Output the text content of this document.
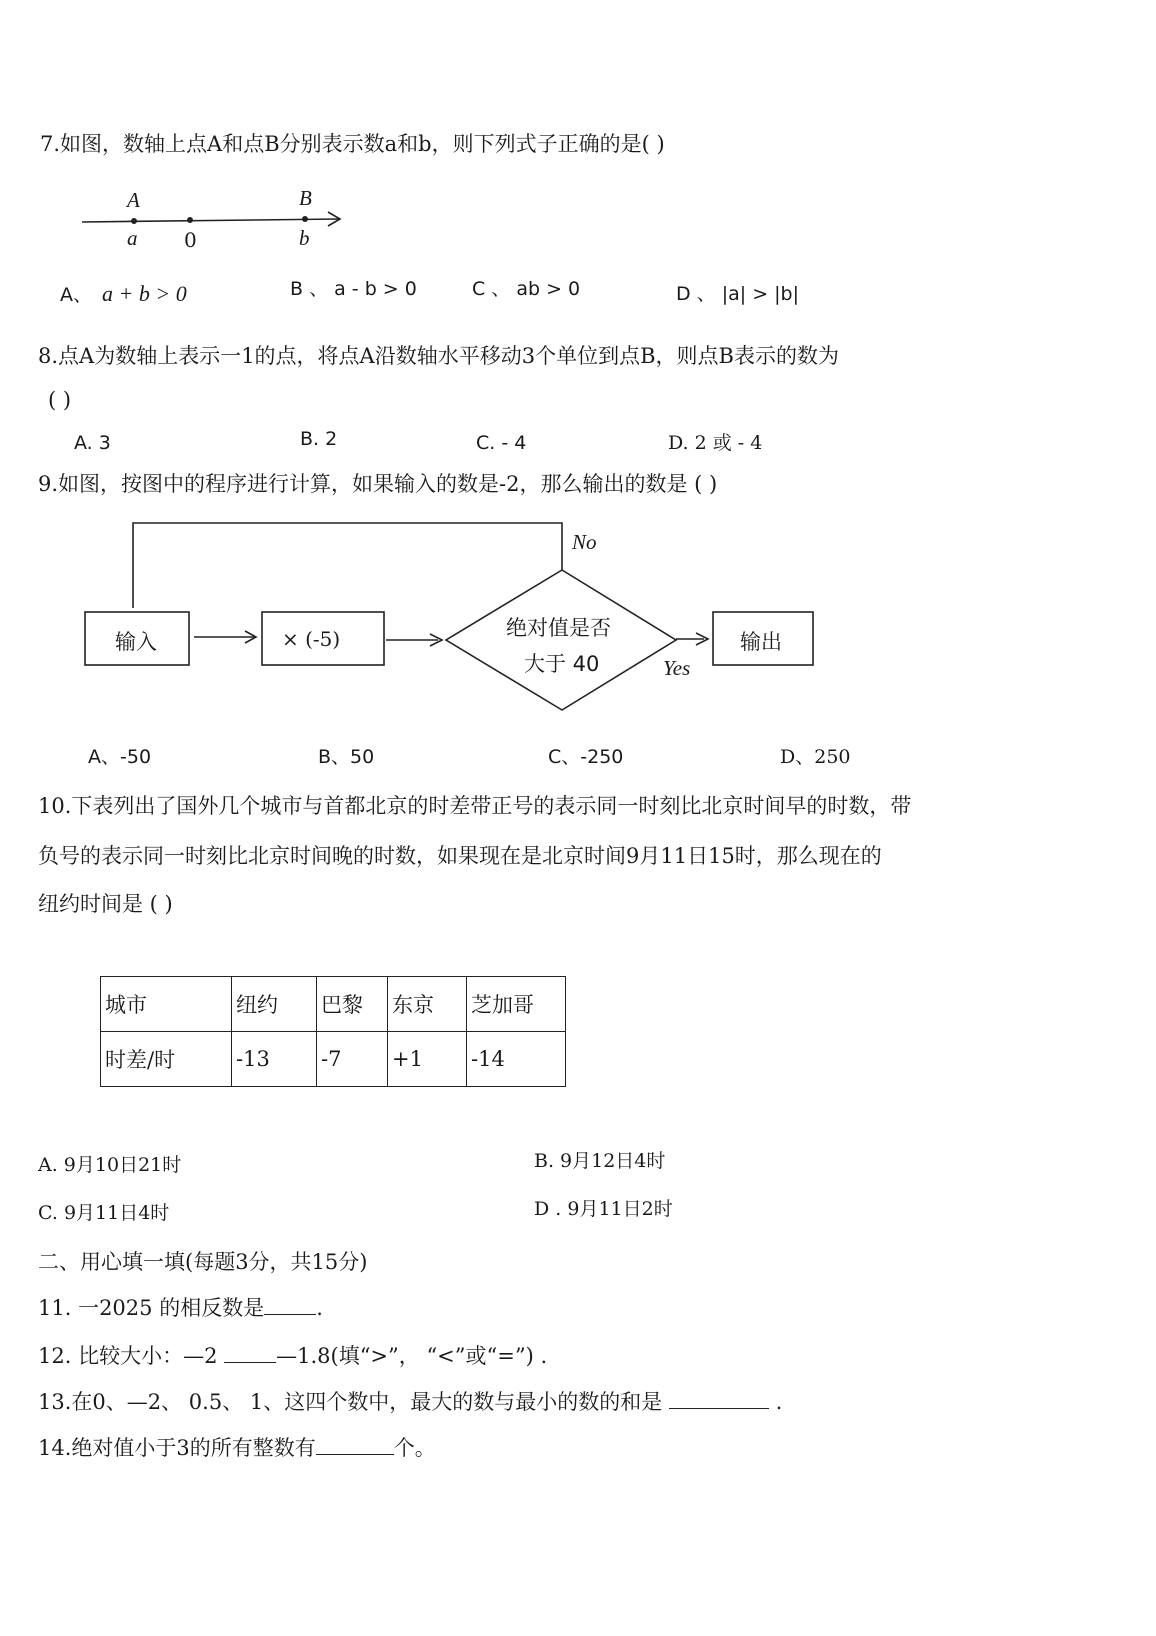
7.如图，数轴上点A和点B分别表示数a和b，则下列式子正确的是( )
A
a 0
B
b
A、 a + b > 0	B 、 a - b > 0	C 、 ab > 0	D 、 |a| > |b|
8.点A为数轴上表示一1的点，将点A沿数轴水平移动3个单位到点B，则点B表示的数为
( )
A. 3	B. 2	C. - 4	D. 2 或 - 4
9.如图，按图中的程序进行计算，如果输入的数是-2，那么输出的数是 ( )
输入	× (-5)	绝对值是否
大于 40
No
Yes
输出
A、-50	B、50	C、-250	D、250
10.下表列出了国外几个城市与首都北京的时差带正号的表示同一时刻比北京时间早的时数，带
负号的表示同一时刻比北京时间晚的时数，如果现在是北京时间9月11日15时，那么现在的
纽约时间是 ( )
城市	纽约	巴黎	东京	芝加哥
时差/时	-13	-7	+1	-14
A. 9月10日21时	B. 9月12日4时
C. 9月11日4时	D . 9月11日2时
二、用心填一填(每题3分，共15分)
11. 一2025 的相反数是 .
12. 比较大小：—2 —1.8(填“>”， “<”或“=”) .
13.在0、—2、 0.5、 1、这四个数中，最大的数与最小的数的和是	.
14.绝对值小于3的所有整数有	个。
